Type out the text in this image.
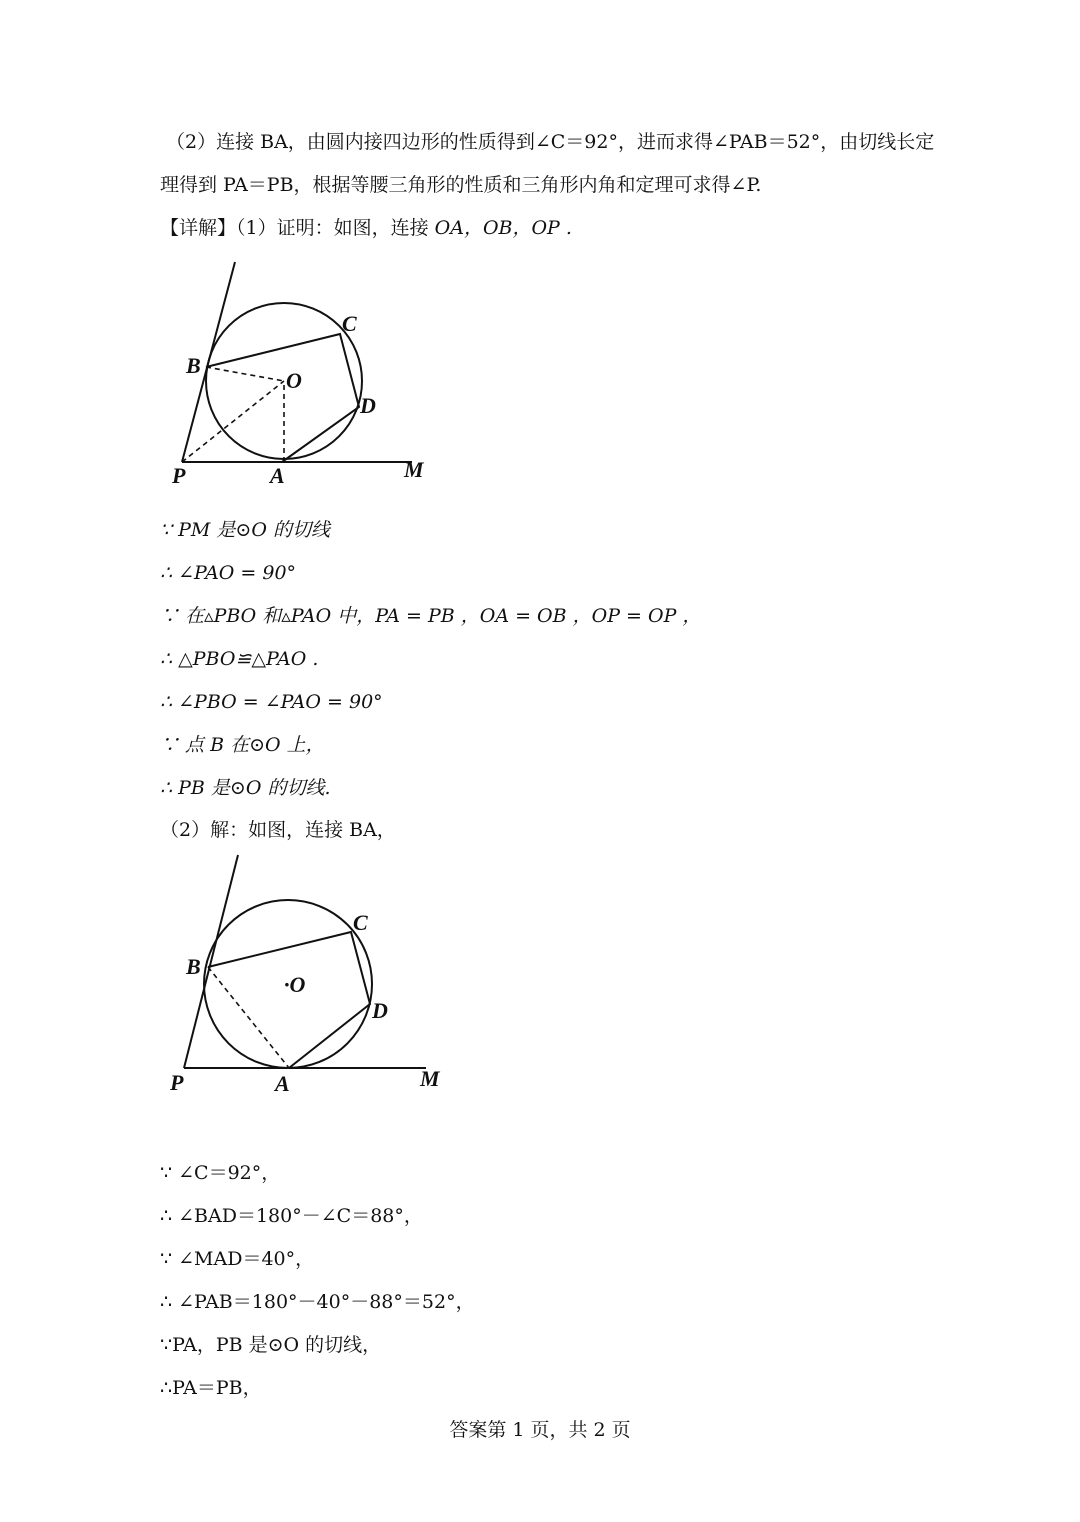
（2）连接 BA，由圆内接四边形的性质得到∠C＝92°，进而求得∠PAB＝52°，由切线长定
理得到 PA＝PB，根据等腰三角形的性质和三角形内角和定理可求得∠P.
【详解】（1）证明：如图，连接 OA，OB，OP .
B
C
O
D
P	A	M
∵ PM 是⊙O 的切线
∴ ∠PAO = 90°
∵ 在▵PBO 和▵PAO 中，PA = PB ，OA = OB ，OP = OP ，
∴ △PBO≌△PAO .
∴ ∠PBO = ∠PAO = 90°
∵ 点 B 在⊙O 上，
∴ PB 是⊙O 的切线.
（2）解：如图，连接 BA，
B
C
·O
D
P	A	M
∵ ∠C＝92°，
∴ ∠BAD＝180°－∠C＝88°，
∵ ∠MAD＝40°，
∴ ∠PAB＝180°－40°－88°＝52°，
∵PA，PB 是⊙O 的切线，
∴PA＝PB，
答案第 1 页，共 2 页
